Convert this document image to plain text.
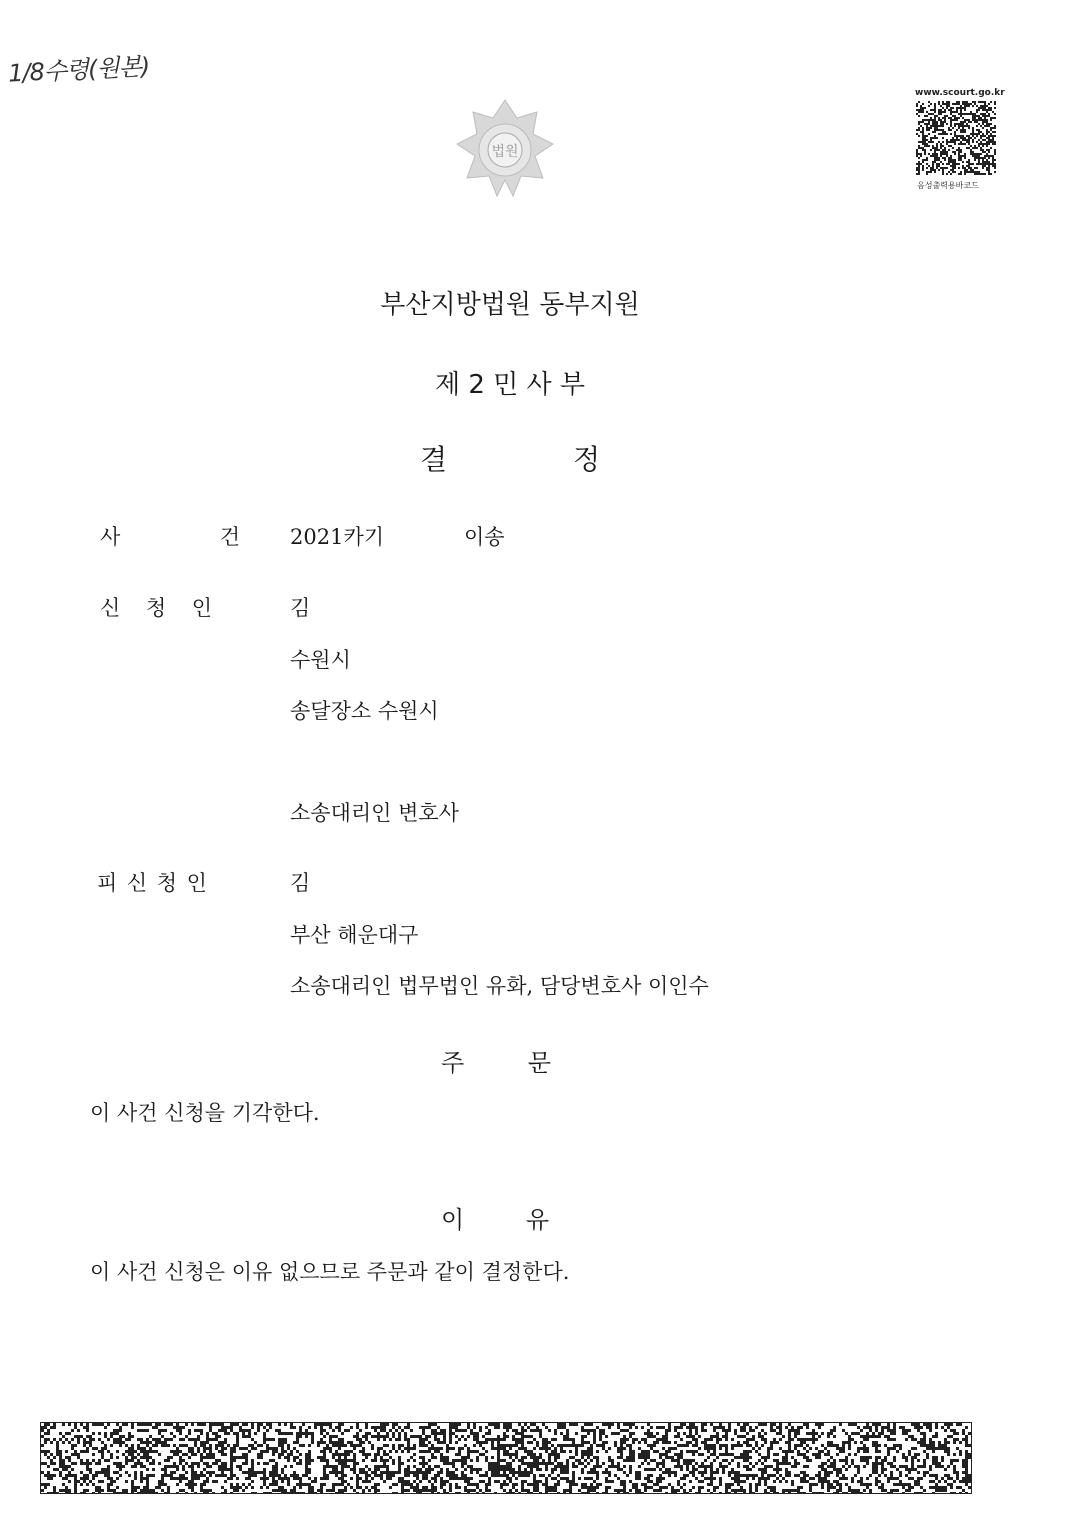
1/8수령(원본)
법원
www.scourt.go.kr
음성출력용바코드
부산지방법원 동부지원
제 2 민 사 부
결	정
사	건 2021카기	이송
신 청 인	김
수원시
송달장소 수원시
소송대리인 변호사
피 신 청 인	김
부산 해운대구
소송대리인 법무법인 유화, 담당변호사 이인수
주	문
이 사건 신청을 기각한다.
이	유
이 사건 신청은 이유 없으므로 주문과 같이 결정한다.
